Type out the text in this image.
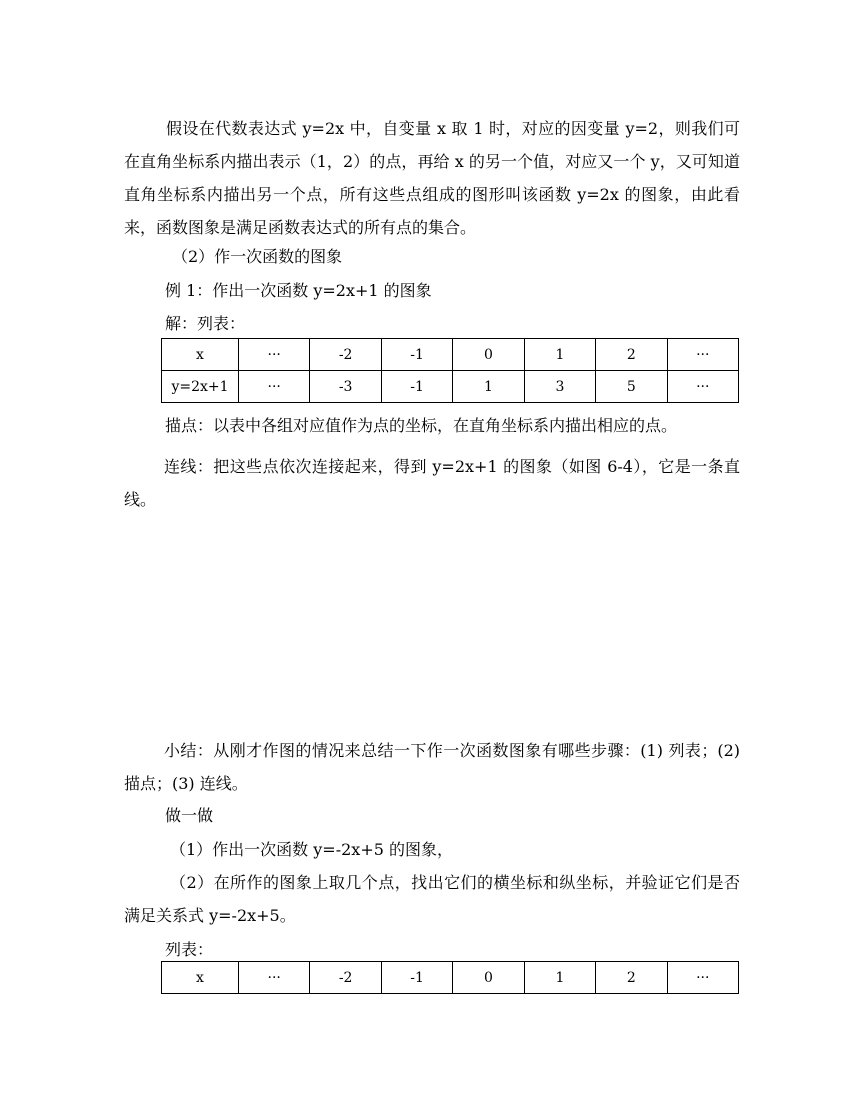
假设在代数表达式 y=2x 中，自变量 x 取 1 时，对应的因变量 y=2，则我们可在直角坐标系内描出表示（1，2）的点，再给 x 的另一个值，对应又一个 y，又可知道直角坐标系内描出另一个点，所有这些点组成的图形叫该函数 y=2x 的图象，由此看来，函数图象是满足函数表达式的所有点的集合。
（2）作一次函数的图象
例 1：作出一次函数 y=2x+1 的图象
解：列表：
x	···	-2	-1	0	1	2	···
y=2x+1	···	-3	-1	1	3	5	···
描点：以表中各组对应值作为点的坐标，在直角坐标系内描出相应的点。
连线：把这些点依次连接起来，得到 y=2x+1 的图象（如图 6-4），它是一条直线。
小结：从刚才作图的情况来总结一下作一次函数图象有哪些步骤：(1) 列表；(2) 描点；(3) 连线。
做一做
（1）作出一次函数 y=-2x+5 的图象，
（2）在所作的图象上取几个点，找出它们的横坐标和纵坐标，并验证它们是否满足关系式 y=-2x+5。
列表：
x	···	-2	-1	0	1	2	···
